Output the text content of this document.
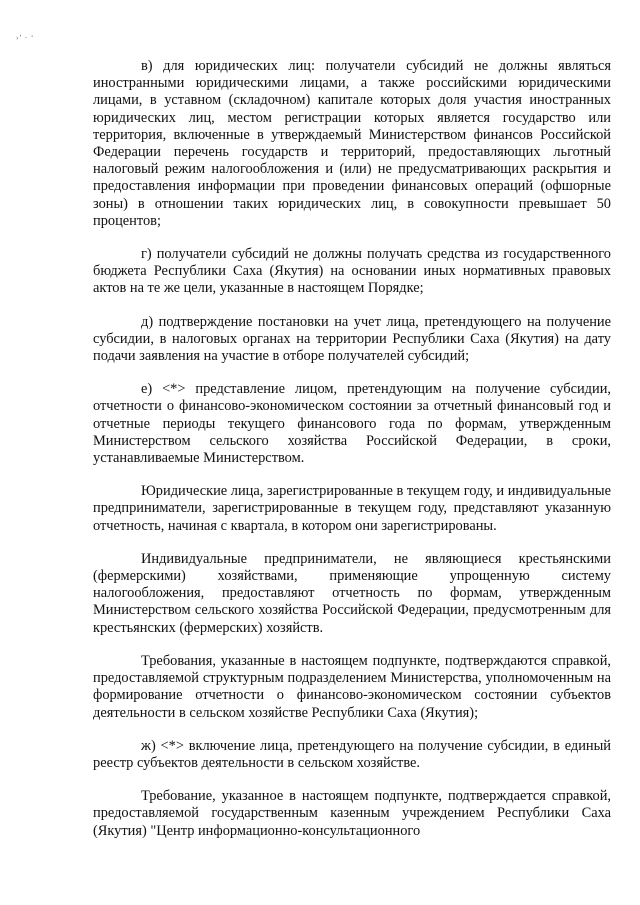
›’ · ‘

в) для юридических лиц: получатели субсидий не должны являться иностранными юридическими лицами, а также российскими юридическими лицами, в уставном (складочном) капитале которых доля участия иностранных юридических лиц, местом регистрации которых является государство или территория, включенные в утверждаемый Министерством финансов Российской Федерации перечень государств и территорий, предоставляющих льготный налоговый режим налогообложения и (или) не предусматривающих раскрытия и предоставления информации при проведении финансовых операций (офшорные зоны) в отношении таких юридических лиц, в совокупности превышает 50 процентов;

г) получатели субсидий не должны получать средства из государственного бюджета Республики Саха (Якутия) на основании иных нормативных правовых актов на те же цели, указанные в настоящем Порядке;

д) подтверждение постановки на учет лица, претендующего на получение субсидии, в налоговых органах на территории Республики Саха (Якутия) на дату подачи заявления на участие в отборе получателей субсидий;

е) <*> представление лицом, претендующим на получение субсидии, отчетности о финансово-экономическом состоянии за отчетный финансовый год и отчетные периоды текущего финансового года по формам, утвержденным Министерством сельского хозяйства Российской Федерации, в сроки, устанавливаемые Министерством.

Юридические лица, зарегистрированные в текущем году, и индивидуальные предприниматели, зарегистрированные в текущем году, представляют указанную отчетность, начиная с квартала, в котором они зарегистрированы.

Индивидуальные предприниматели, не являющиеся крестьянскими (фермерскими) хозяйствами, применяющие упрощенную систему налогообложения, предоставляют отчетность по формам, утвержденным Министерством сельского хозяйства Российской Федерации, предусмотренным для крестьянских (фермерских) хозяйств.

Требования, указанные в настоящем подпункте, подтверждаются справкой, предоставляемой структурным подразделением Министерства, уполномоченным на формирование отчетности о финансово-экономическом состоянии субъектов деятельности в сельском хозяйстве Республики Саха (Якутия);

ж) <*> включение лица, претендующего на получение субсидии, в единый реестр субъектов деятельности в сельском хозяйстве.

Требование, указанное в настоящем подпункте, подтверждается справкой, предоставляемой государственным казенным учреждением Республики Саха (Якутия) "Центр информационно-консультационного
